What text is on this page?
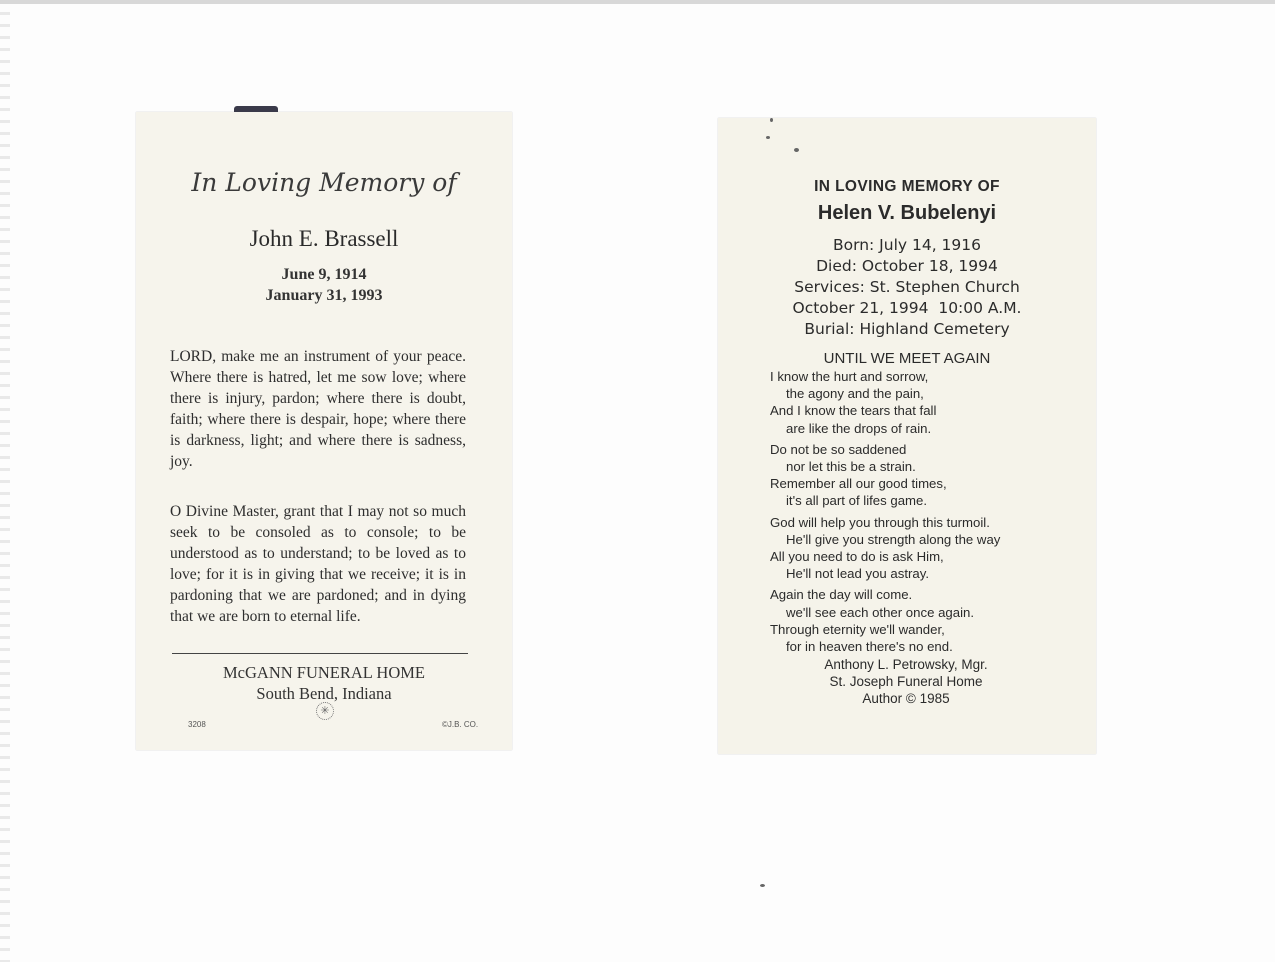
In Loving Memory of
John E. Brassell
June 9, 1914
January 31, 1993
LORD, make me an instrument of your peace. Where there is hatred, let me sow love; where there is injury, pardon; where there is doubt, faith; where there is despair, hope; where there is darkness, light; and where there is sadness, joy.
O Divine Master, grant that I may not so much seek to be consoled as to console; to be understood as to understand; to be loved as to love; for it is in giving that we receive; it is in pardoning that we are pardoned; and in dying that we are born to eternal life.
McGANN FUNERAL HOME
South Bend, Indiana
✳
3208	©J.B. CO.
IN LOVING MEMORY OF
Helen V. Bubelenyi
Born: July 14, 1916
Died: October 18, 1994
Services: St. Stephen Church
October 21, 1994  10:00 A.M.
Burial: Highland Cemetery
UNTIL WE MEET AGAIN
I know the hurt and sorrow,
the agony and the pain,
And I know the tears that fall
are like the drops of rain.
Do not be so saddened
nor let this be a strain.
Remember all our good times,
it's all part of lifes game.
God will help you through this turmoil.
He'll give you strength along the way
All you need to do is ask Him,
He'll not lead you astray.
Again the day will come.
we'll see each other once again.
Through eternity we'll wander,
for in heaven there's no end.
Anthony L. Petrowsky, Mgr.
St. Joseph Funeral Home
Author © 1985
